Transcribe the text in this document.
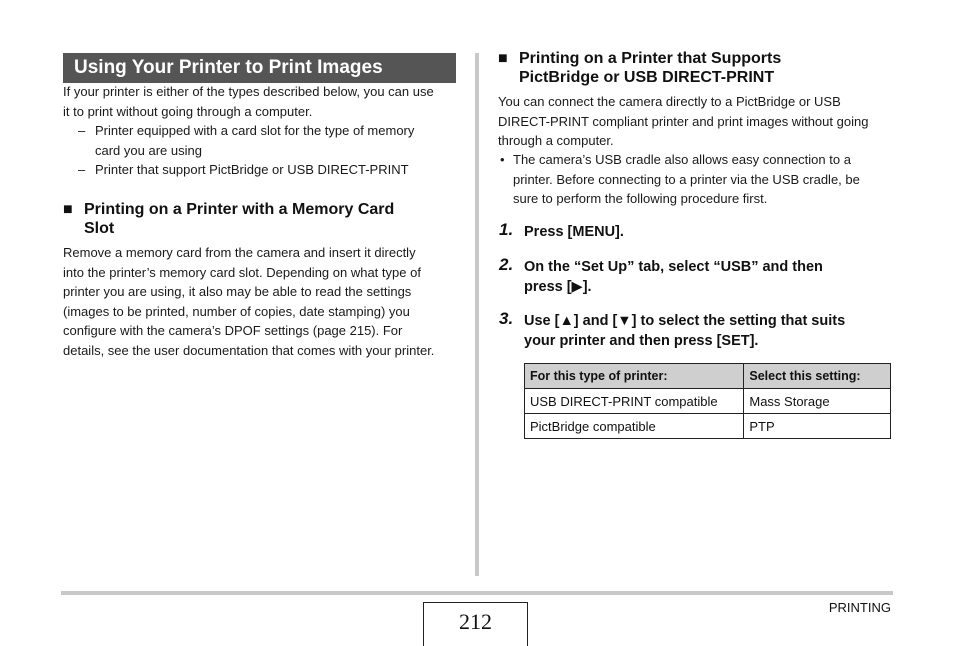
Using Your Printer to Print Images
If your printer is either of the types described below, you can use
it to print without going through a computer.
– Printer equipped with a card slot for the type of memory
card you are using
– Printer that support PictBridge or USB DIRECT-PRINT
■ Printing on a Printer with a Memory Card
Slot
Remove a memory card from the camera and insert it directly
into the printer’s memory card slot. Depending on what type of
printer you are using, it also may be able to read the settings
(images to be printed, number of copies, date stamping) you
configure with the camera’s DPOF settings (page 215). For
details, see the user documentation that comes with your printer.
■ Printing on a Printer that Supports
PictBridge or USB DIRECT-PRINT
You can connect the camera directly to a PictBridge or USB
DIRECT-PRINT compliant printer and print images without going
through a computer.
• The camera’s USB cradle also allows easy connection to a
printer. Before connecting to a printer via the USB cradle, be
sure to perform the following procedure first.
1. Press [MENU].
2. On the “Set Up” tab, select “USB” and then
press [▶].
3. Use [▲] and [▼] to select the setting that suits
your printer and then press [SET].
For this type of printer:	Select this setting:
USB DIRECT-PRINT compatible	Mass Storage
PictBridge compatible	PTP
212
PRINTING
